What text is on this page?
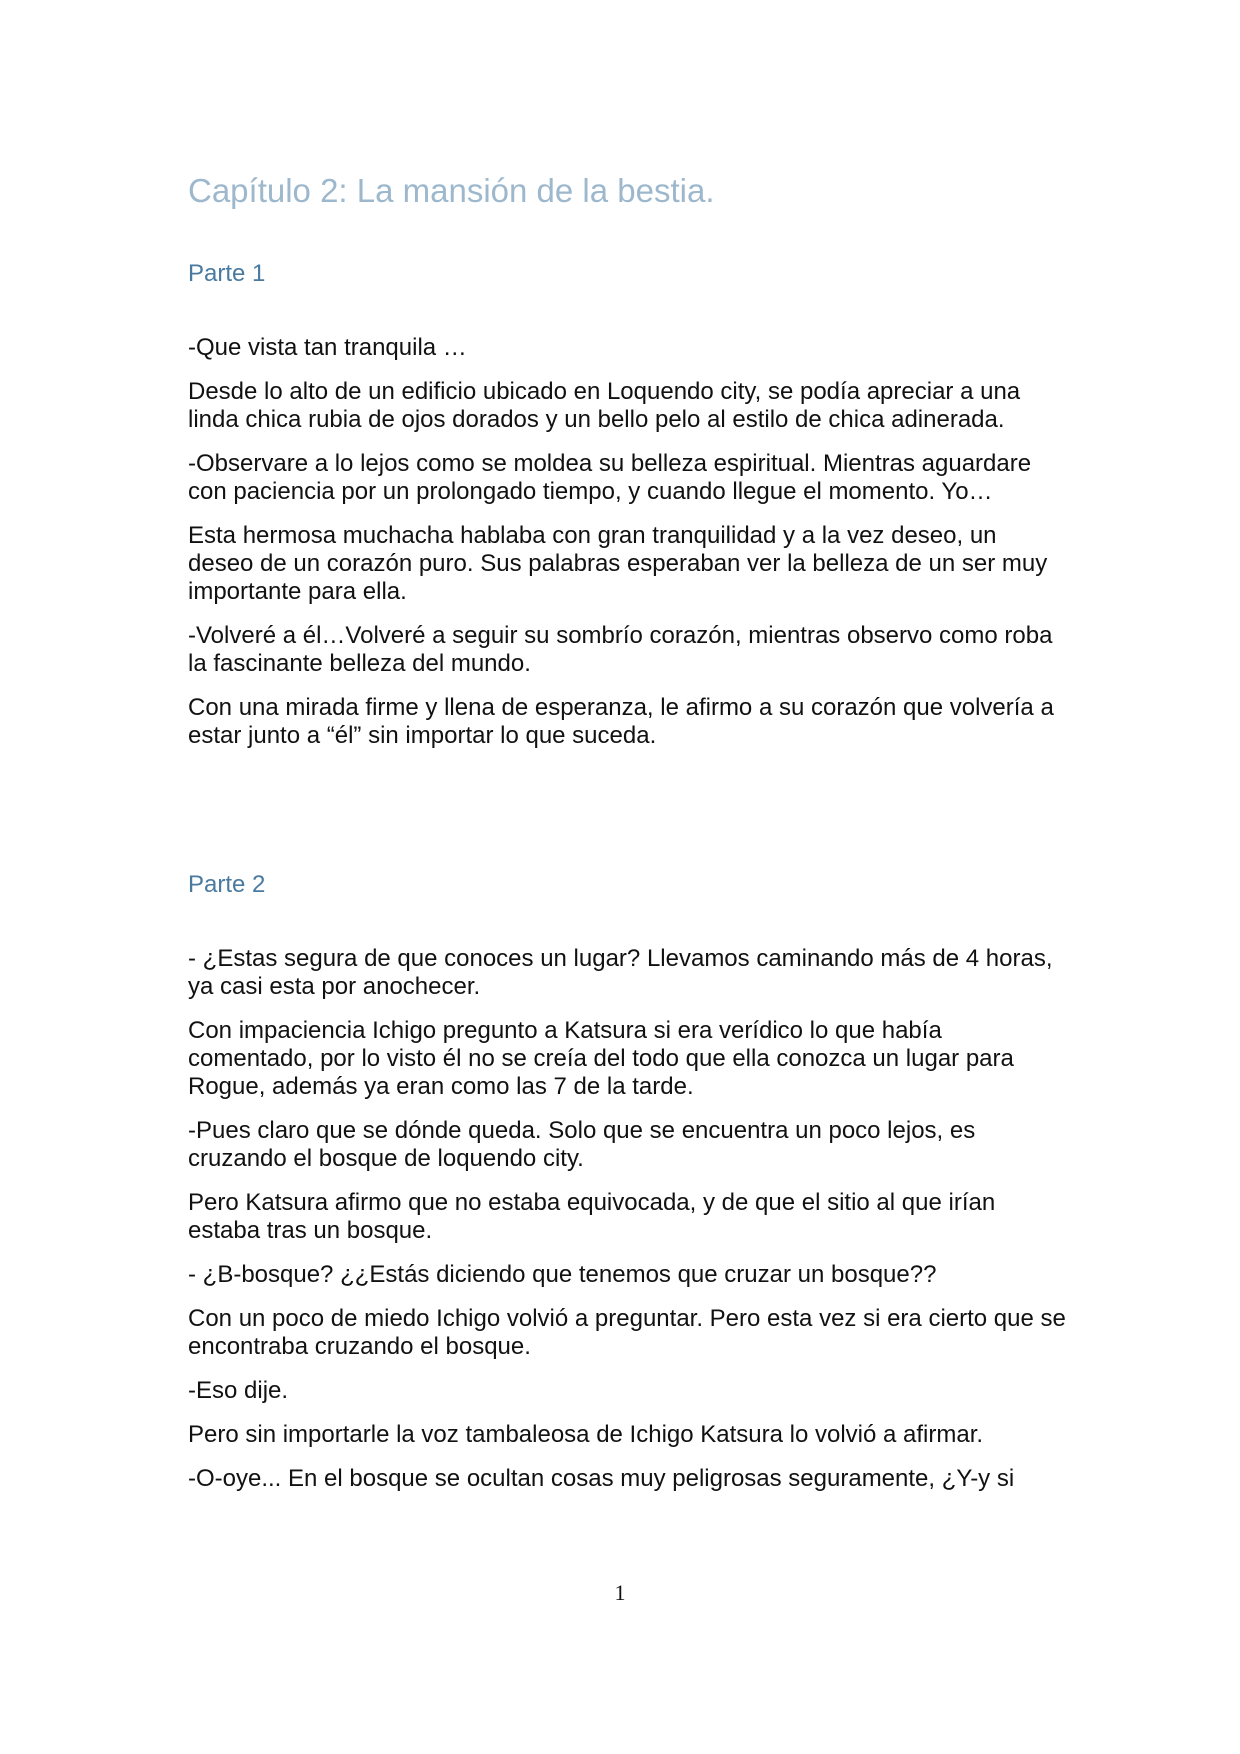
Capítulo 2: La mansión de la bestia.
Parte 1

-Que vista tan tranquila …

Desde lo alto de un edificio ubicado en Loquendo city, se podía apreciar a una linda chica rubia de ojos dorados y un bello pelo al estilo de chica adinerada.

-Observare a lo lejos como se moldea su belleza espiritual. Mientras aguardare con paciencia por un prolongado tiempo, y cuando llegue el momento. Yo…

Esta hermosa muchacha hablaba con gran tranquilidad y a la vez deseo, un deseo de un corazón puro. Sus palabras esperaban ver la belleza de un ser muy importante para ella.

-Volveré a él…Volveré a seguir su sombrío corazón, mientras observo como roba la fascinante belleza del mundo.

Con una mirada firme y llena de esperanza, le afirmo a su corazón que volvería a estar junto a “él” sin importar lo que suceda.

Parte 2

- ¿Estas segura de que conoces un lugar? Llevamos caminando más de 4 horas, ya casi esta por anochecer.

Con impaciencia Ichigo pregunto a Katsura si era verídico lo que había comentado, por lo visto él no se creía del todo que ella conozca un lugar para Rogue, además ya eran como las 7 de la tarde.

-Pues claro que se dónde queda. Solo que se encuentra un poco lejos, es cruzando el bosque de loquendo city.

Pero Katsura afirmo que no estaba equivocada, y de que el sitio al que irían estaba tras un bosque.

- ¿B-bosque? ¿¿Estás diciendo que tenemos que cruzar un bosque??

Con un poco de miedo Ichigo volvió a preguntar. Pero esta vez si era cierto que se encontraba cruzando el bosque.

-Eso dije.

Pero sin importarle la voz tambaleosa de Ichigo Katsura lo volvió a afirmar.

-O-oye... En el bosque se ocultan cosas muy peligrosas seguramente, ¿Y-y si

1
